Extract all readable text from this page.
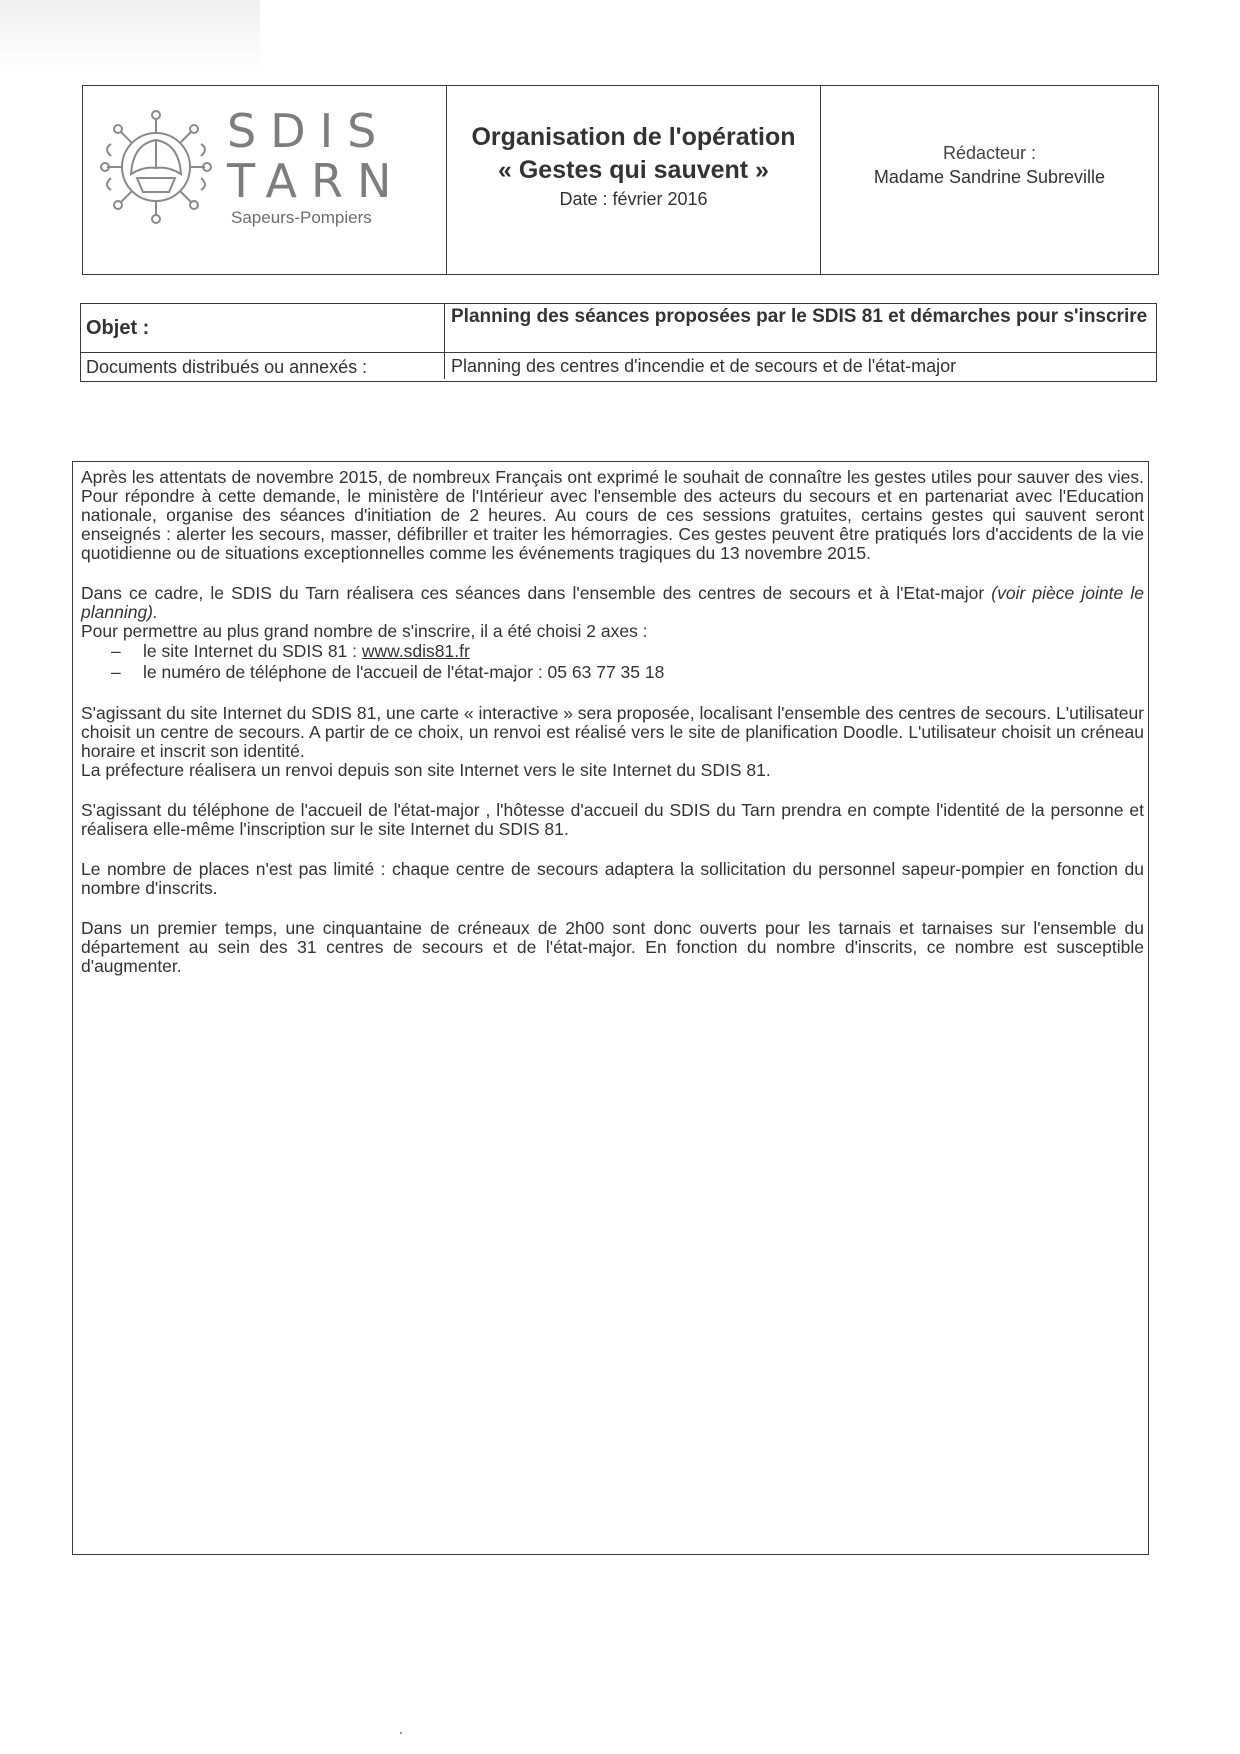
SDIS
TARN
Sapeurs-Pompiers
Organisation de l'opération
« Gestes qui sauvent »
Date : février 2016
Rédacteur :
Madame Sandrine Subreville
Objet :	Planning des séances proposées par le SDIS 81 et démarches pour s'inscrire
Documents distribués ou annexés :	Planning des centres d'incendie et de secours et de l'état-major

Après les attentats de novembre 2015, de nombreux Français ont exprimé le souhait de connaître les gestes utiles pour sauver des vies. Pour répondre à cette demande, le ministère de l'Intérieur avec l'ensemble des acteurs du secours et en partenariat avec l'Education nationale, organise des séances d'initiation de 2 heures. Au cours de ces sessions gratuites, certains gestes qui sauvent seront enseignés : alerter les secours, masser, défibriller et traiter les hémorragies. Ces gestes peuvent être pratiqués lors d'accidents de la vie quotidienne ou de situations exceptionnelles comme les événements tragiques du 13 novembre 2015.

Dans ce cadre, le SDIS du Tarn réalisera ces séances dans l'ensemble des centres de secours et à l'Etat-major (voir pièce jointe le planning).

Pour permettre au plus grand nombre de s'inscrire, il a été choisi 2 axes :

– le site Internet du SDIS 81 : www.sdis81.fr
– le numéro de téléphone de l'accueil de l'état-major : 05 63 77 35 18

S'agissant du site Internet du SDIS 81, une carte « interactive » sera proposée, localisant l'ensemble des centres de secours. L'utilisateur choisit un centre de secours. A partir de ce choix, un renvoi est réalisé vers le site de planification Doodle. L'utilisateur choisit un créneau horaire et inscrit son identité.

La préfecture réalisera un renvoi depuis son site Internet vers le site Internet du SDIS 81.

S'agissant du téléphone de l'accueil de l'état-major , l'hôtesse d'accueil du SDIS du Tarn prendra en compte l'identité de la personne et réalisera elle-même l'inscription sur le site Internet du SDIS 81.

Le nombre de places n'est pas limité : chaque centre de secours adaptera la sollicitation du personnel sapeur-pompier en fonction du nombre d'inscrits.

Dans un premier temps, une cinquantaine de créneaux de 2h00 sont donc ouverts pour les tarnais et tarnaises sur l'ensemble du département au sein des 31 centres de secours et de l'état-major. En fonction du nombre d'inscrits, ce nombre est susceptible d'augmenter.
